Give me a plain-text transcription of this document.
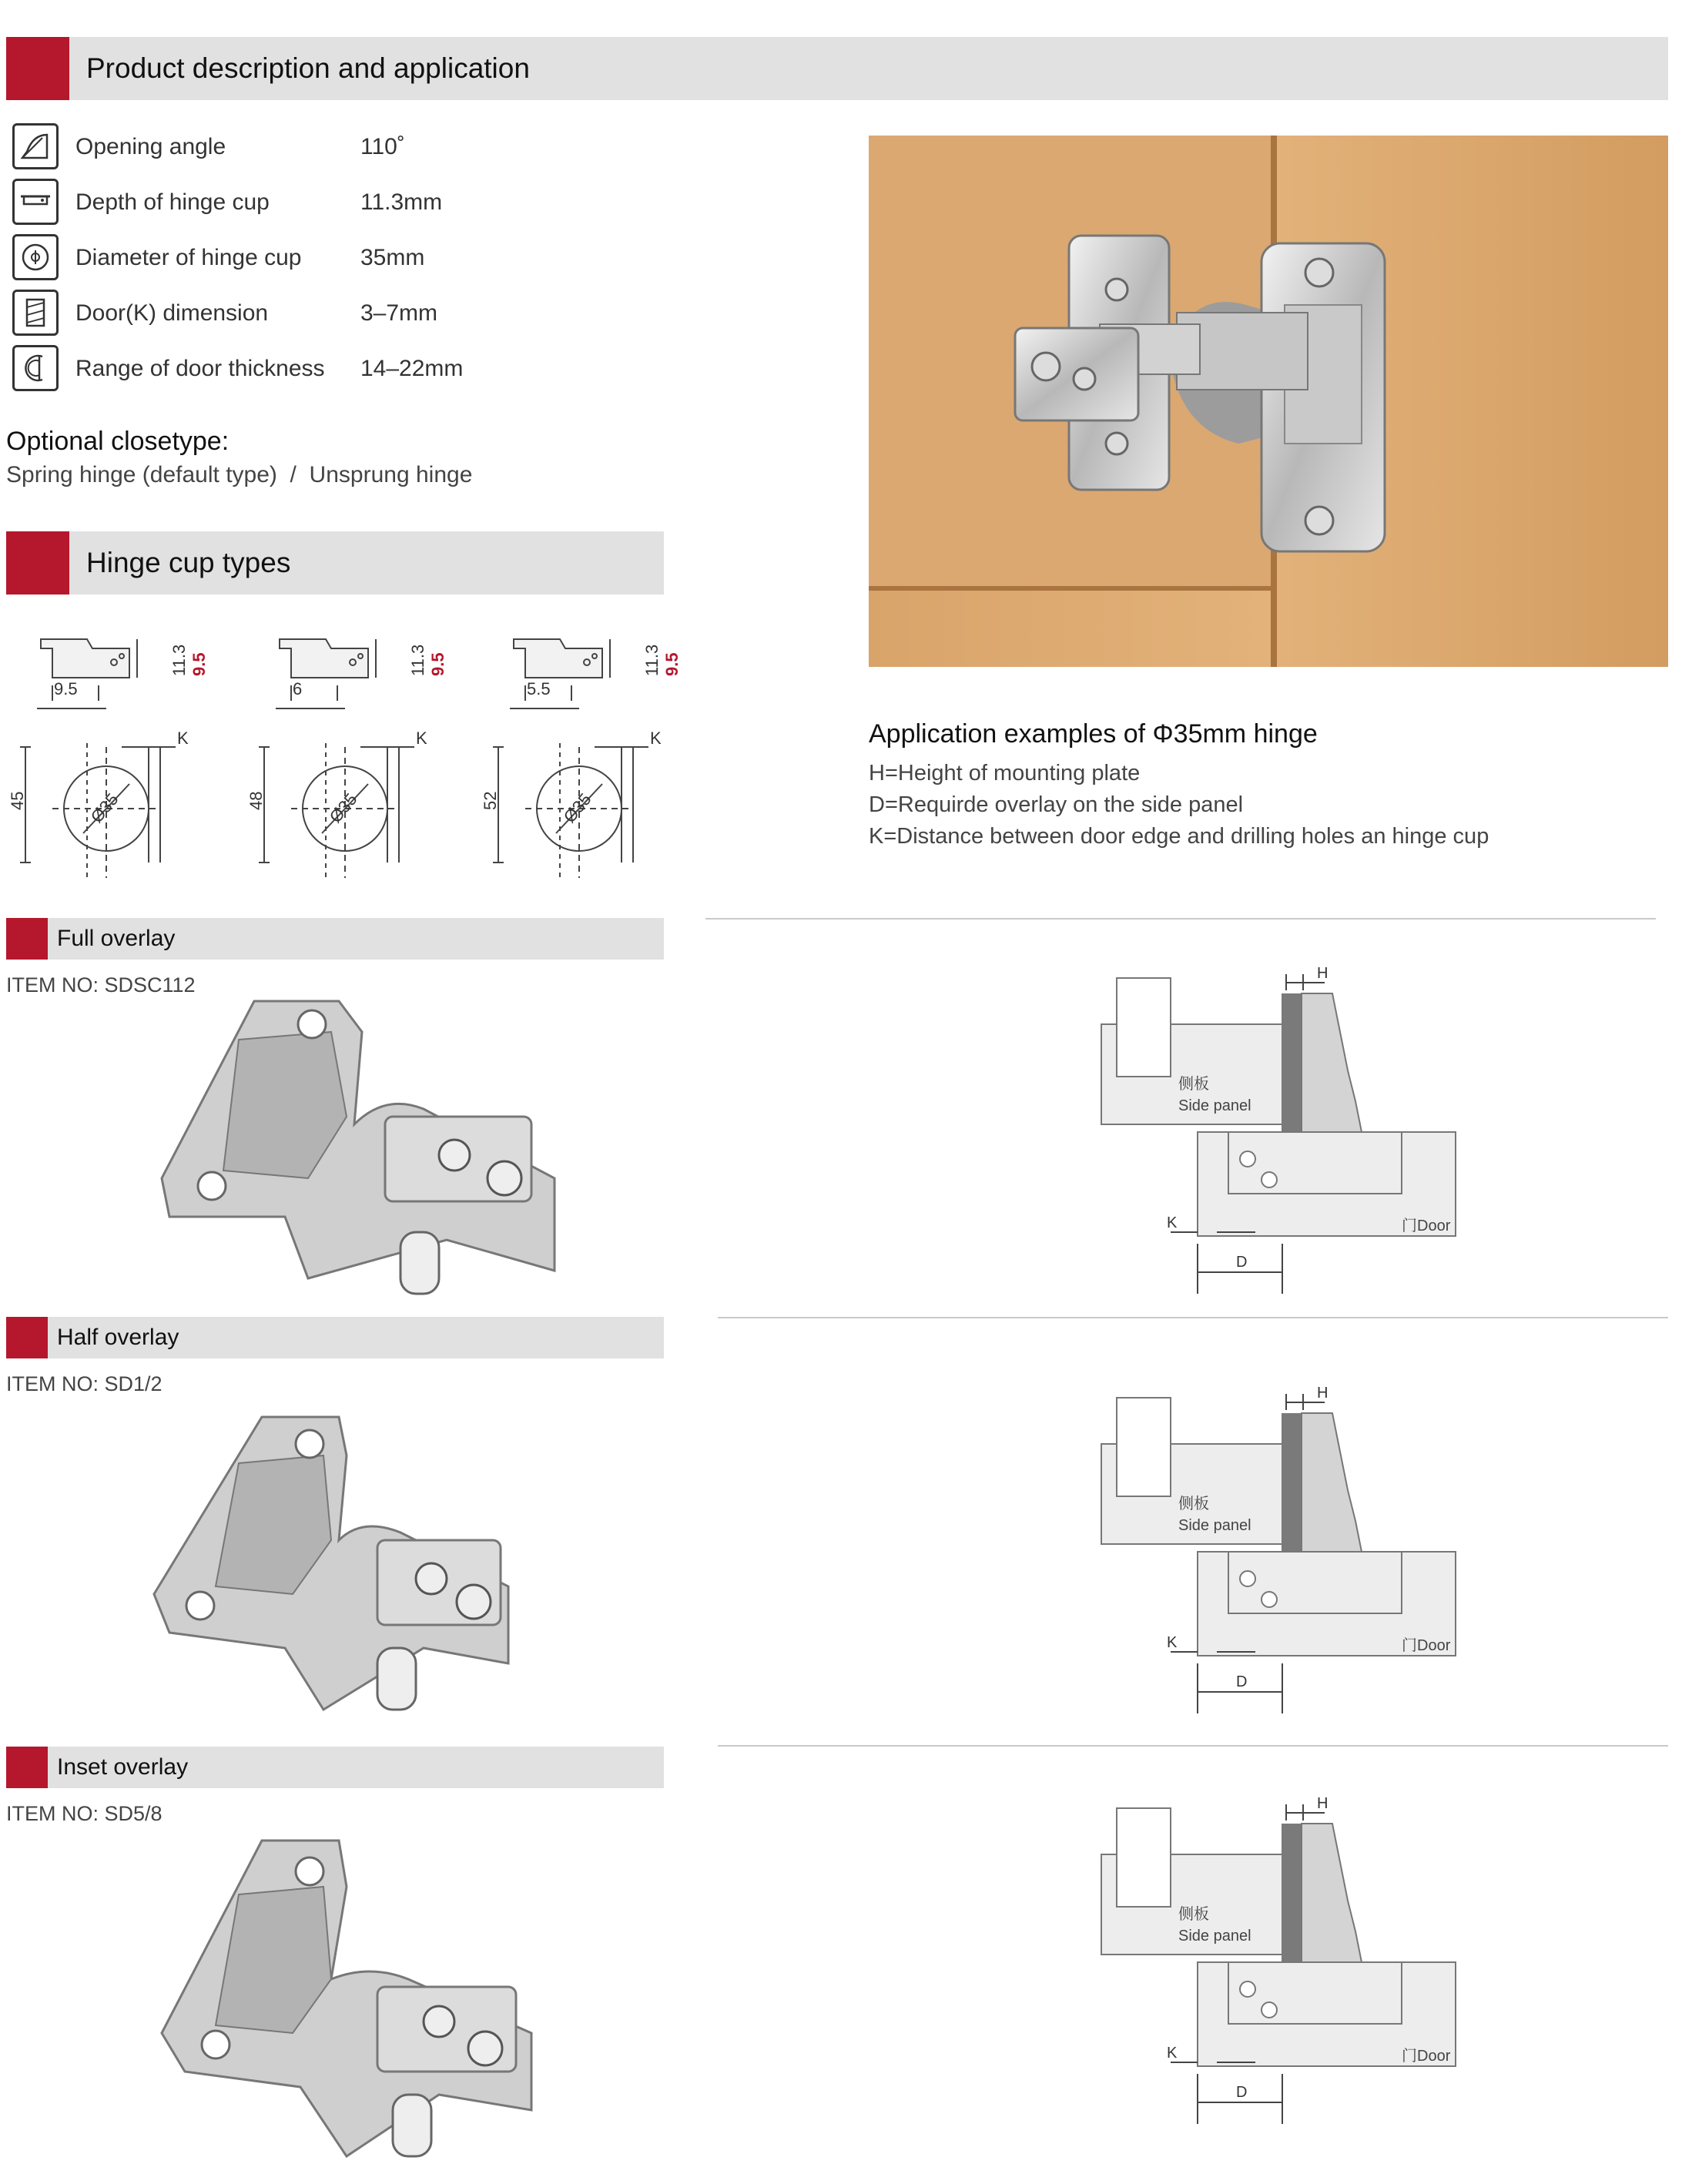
Product description and application
Opening angle	110˚
Depth of hinge cup	11.3mm
Diameter of hinge cup	35mm
Door(K) dimension	3–7mm
Range of door thickness 14–22mm
Optional closetype:
Spring hinge (default type)  /  Unsprung hinge
Hinge cup types
9.5
11.3 9.5
45	Ø35
K
6
11.3 9.5
48	Ø35
K
5.5
11.3 9.5
52	Ø35
K	Application examples of Φ35mm hinge
H=Height of mounting plate
D=Requirde overlay on the side panel
K=Distance between door edge and drilling holes an hinge cup
Full overlay
ITEM NO: SDSC112	H
侧板
Side panel
K	门 Door
D
Half overlay
ITEM NO: SD1/2	H
侧板
Side panel
K	门 Door
D
Inset overlay
ITEM NO: SD5/8	H
侧板
Side panel
K	门 Door
D
